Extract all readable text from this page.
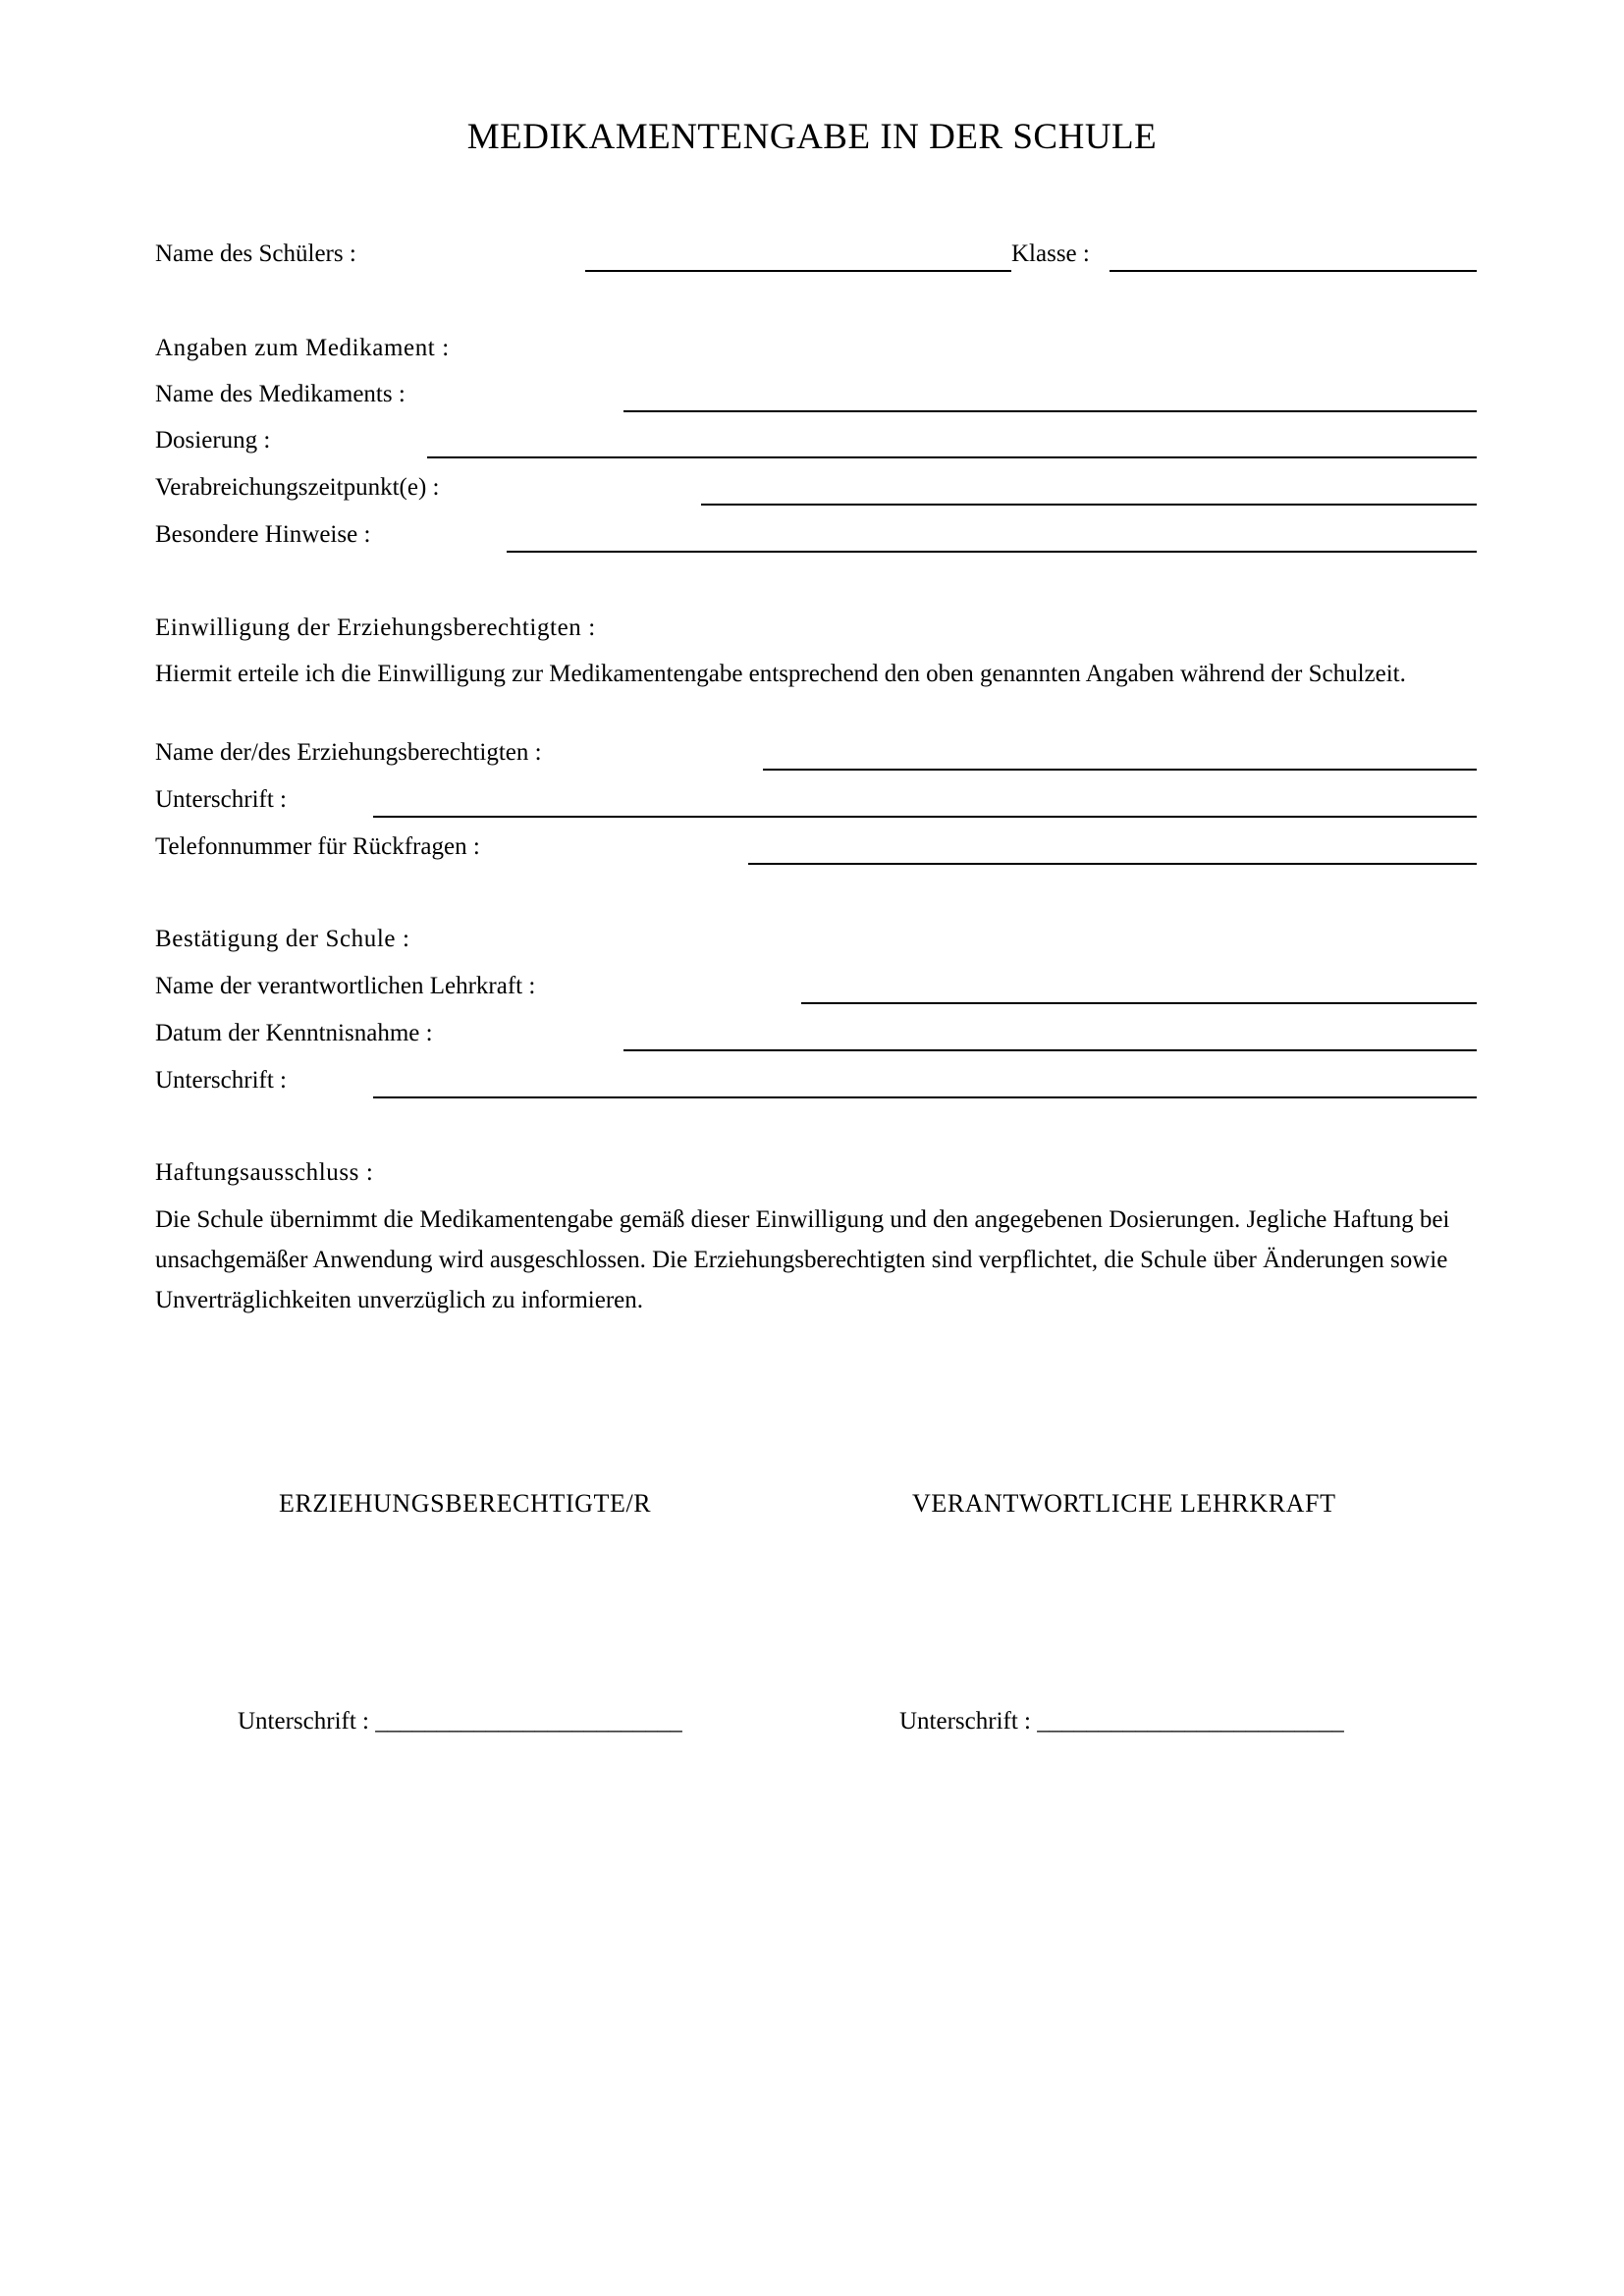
MEDIKAMENTENGABE IN DER SCHULE
Name des Schülers :	Klasse :
Angaben zum Medikament :
Name des Medikaments :
Dosierung :
Verabreichungszeitpunkt(e) :
Besondere Hinweise :
Einwilligung der Erziehungsberechtigten :
Hiermit erteile ich die Einwilligung zur Medikamentengabe entsprechend den oben genannten Angaben während der Schulzeit.
Name der/des Erziehungsberechtigten :
Unterschrift :
Telefonnummer für Rückfragen :
Bestätigung der Schule :
Name der verantwortlichen Lehrkraft :
Datum der Kenntnisnahme :
Unterschrift :
Haftungsausschluss :
Die Schule übernimmt die Medikamentengabe gemäß dieser Einwilligung und den angegebenen Dosierungen. Jegliche Haftung bei unsachgemäßer Anwendung wird ausgeschlossen. Die Erziehungsberechtigten sind verpflichtet, die Schule über Änderungen sowie Unverträglichkeiten unverzüglich zu informieren.
ERZIEHUNGSBERECHTIGTE/R	VERANTWORTLICHE LEHRKRAFT
Unterschrift : _________________________	Unterschrift : _________________________
